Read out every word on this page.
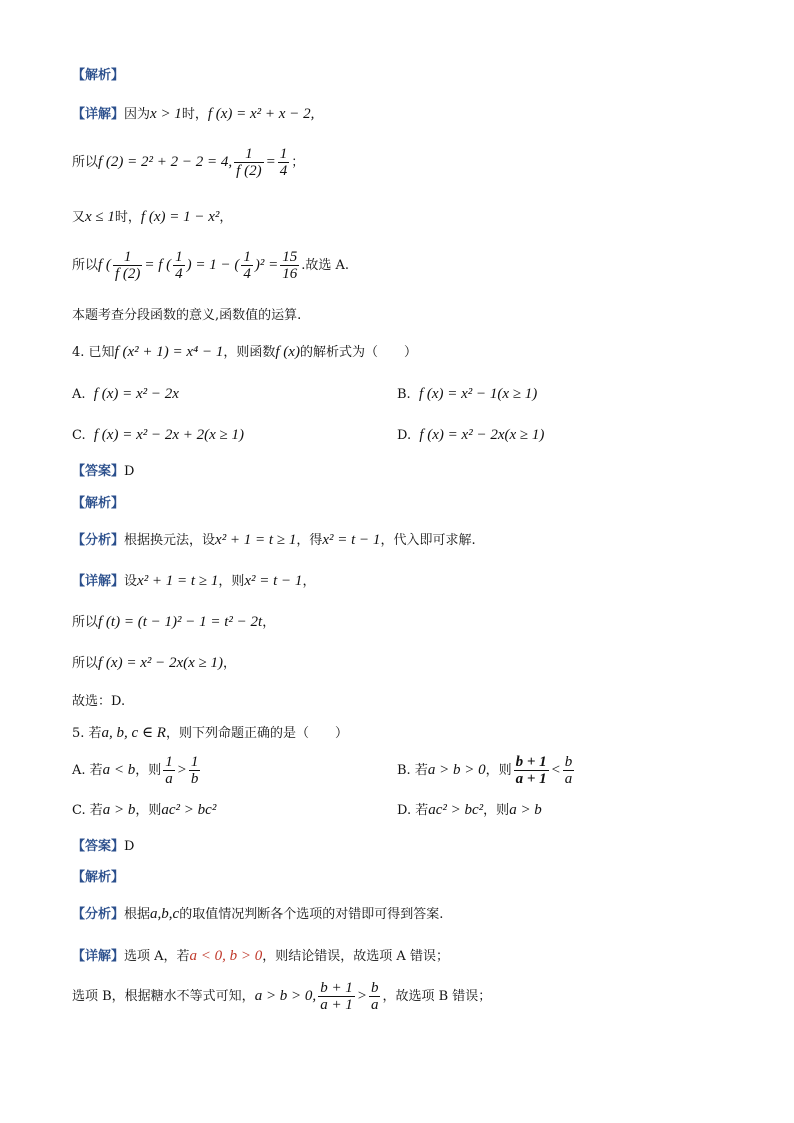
【解析】
【详解】因为x > 1时，f (x) = x² + x − 2,
所以f (2) = 2² + 2 − 2 = 4, $\frac{1}{f (2)} = \frac{1}{4}$ ；
又x ≤ 1时，f (x) = 1 − x²，
所以f ( $\frac{1}{f (2)} = f$ ( $\frac{1}{4}$ ) = 1 − ( $\frac{1}{4} )^2 = \frac{15}{16}$ .故选 A.
本题考查分段函数的意义,函数值的运算.
4. 已知f (x² + 1) = x⁴ − 1，则函数f (x)的解析式为（　　）
A. f (x) = x² − 2x	B. f (x) = x² − 1(x ≥ 1)
C. f (x) = x² − 2x + 2(x ≥ 1)	D. f (x) = x² − 2x(x ≥ 1)
【答案】D
【解析】
【分析】根据换元法，设x² + 1 = t ≥ 1，得x² = t − 1，代入即可求解.
【详解】设x² + 1 = t ≥ 1，则x² = t − 1，
所以f (t) = (t − 1)² − 1 = t² − 2t，
所以f (x) = x² − 2x(x ≥ 1)，
故选：D.
5. 若a, b, c ∈ R，则下列命题正确的是（　　）
A. 若a < b，则 $\frac{1}{a} > \frac{1}{b}$	B. 若a > b > 0，则 $\frac{b + 1}{a + 1} < \frac{b}{a}$
C. 若a > b，则ac² > bc²	D. 若ac² > bc²，则a > b
【答案】D
【解析】
【分析】根据a,b,c的取值情况判断各个选项的对错即可得到答案.
【详解】选项 A，若a < 0, b > 0，则结论错误，故选项 A 错误；
选项 B，根据糖水不等式可知，a > b > 0, $\frac{b + 1}{a + 1} > \frac{b}{a}$ ，故选项 B 错误；
